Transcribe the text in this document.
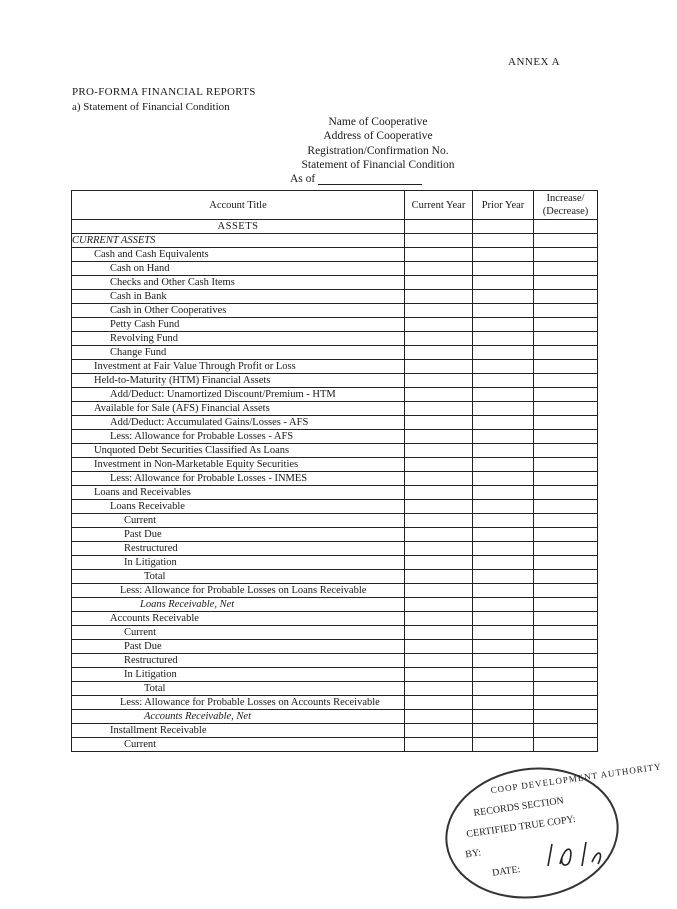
ANNEX A
PRO-FORMA FINANCIAL REPORTS
a) Statement of Financial Condition
Name of Cooperative
Address of Cooperative
Registration/Confirmation No.
Statement of Financial Condition
As of
Account Title	Current Year	Prior Year	Increase/ (Decrease)
ASSETS			
CURRENT ASSETS			
Cash and Cash Equivalents			
Cash on Hand			
Checks and Other Cash Items			
Cash in Bank			
Cash in Other Cooperatives			
Petty Cash Fund			
Revolving Fund			
Change Fund			
Investment at Fair Value Through Profit or Loss			
Held-to-Maturity (HTM) Financial Assets			
Add/Deduct: Unamortized Discount/Premium - HTM			
Available for Sale (AFS) Financial Assets			
Add/Deduct: Accumulated Gains/Losses - AFS			
Less: Allowance for Probable Losses - AFS			
Unquoted Debt Securities Classified As Loans			
Investment in Non-Marketable Equity Securities			
Less: Allowance for Probable Losses - INMES			
Loans and Receivables			
Loans Receivable			
Current			
Past Due			
Restructured			
In Litigation			
Total			
Less: Allowance for Probable Losses on Loans Receivable			
Loans Receivable, Net			
Accounts Receivable			
Current			
Past Due			
Restructured			
In Litigation			
Total			
Less: Allowance for Probable Losses on Accounts Receivable			
Accounts Receivable, Net			
Installment Receivable			
Current			
COOP DEVELOPMENT AUTHORITY
RECORDS SECTION
CERTIFIED TRUE COPY:
BY:
DATE:
